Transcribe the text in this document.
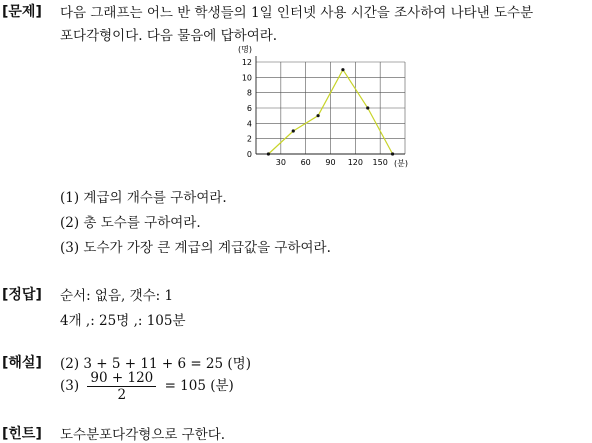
[문제] 다음 그래프는 어느 반 학생들의 1일 인터넷 사용 시간을 조사하여 나타낸 도수분
포다각형이다. 다음 물음에 답하여라.
0
2
4
6
8
10
12
30 60 90 120 150
(명)
(분)
(1) 계급의 개수를 구하여라.
(2) 총 도수를 구하여라.
(3) 도수가 가장 큰 계급의 계급값을 구하여라.
[정답] 순서: 없음, 갯수: 1
4개 ,: 25명 ,: 105분
[해설] (2) 3 + 5 + 11 + 6 = 25 (명)
$(3) \frac{90 + 120}{2} = 105$ (분)
[힌트] 도수분포다각형으로 구한다.
